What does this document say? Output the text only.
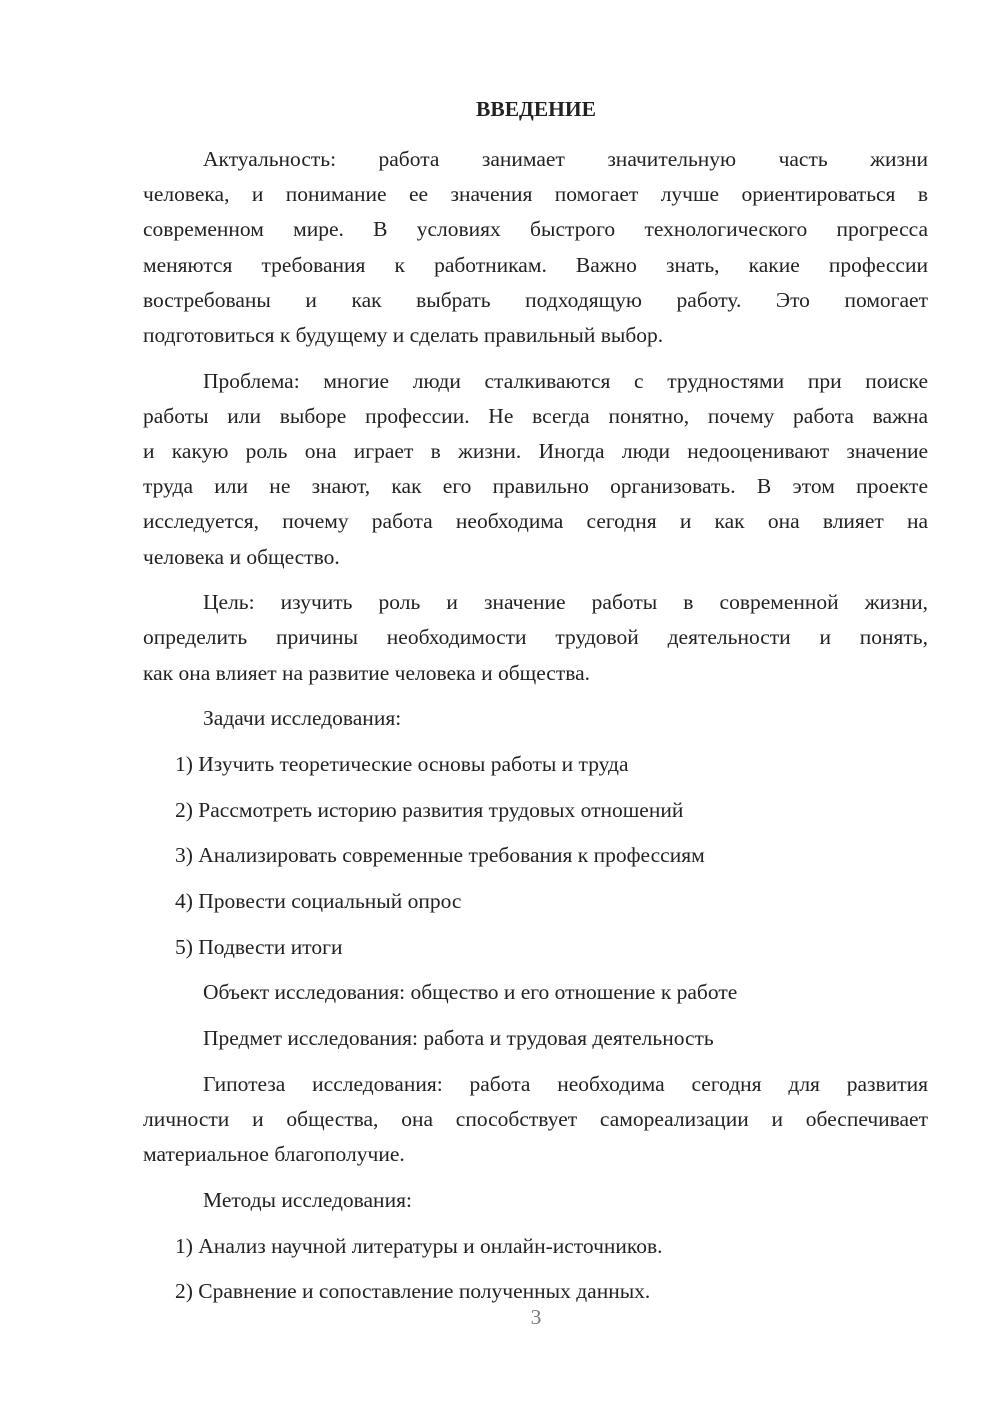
ВВЕДЕНИЕ
Актуальность: работа занимает значительную часть жизни
человека, и понимание ее значения помогает лучше ориентироваться в
современном мире. В условиях быстрого технологического прогресса
меняются требования к работникам. Важно знать, какие профессии
востребованы и как выбрать подходящую работу. Это помогает
подготовиться к будущему и сделать правильный выбор.
Проблема: многие люди сталкиваются с трудностями при поиске
работы или выборе профессии. Не всегда понятно, почему работа важна
и какую роль она играет в жизни. Иногда люди недооценивают значение
труда или не знают, как его правильно организовать. В этом проекте
исследуется, почему работа необходима сегодня и как она влияет на
человека и общество.
Цель: изучить роль и значение работы в современной жизни,
определить причины необходимости трудовой деятельности и понять,
как она влияет на развитие человека и общества.
Задачи исследования:
1) Изучить теоретические основы работы и труда
2) Рассмотреть историю развития трудовых отношений
3) Анализировать современные требования к профессиям
4) Провести социальный опрос
5) Подвести итоги
Объект исследования: общество и его отношение к работе
Предмет исследования: работа и трудовая деятельность
Гипотеза исследования: работа необходима сегодня для развития
личности и общества, она способствует самореализации и обеспечивает
материальное благополучие.
Методы исследования:
1) Анализ научной литературы и онлайн-источников.
2) Сравнение и сопоставление полученных данных.
3
